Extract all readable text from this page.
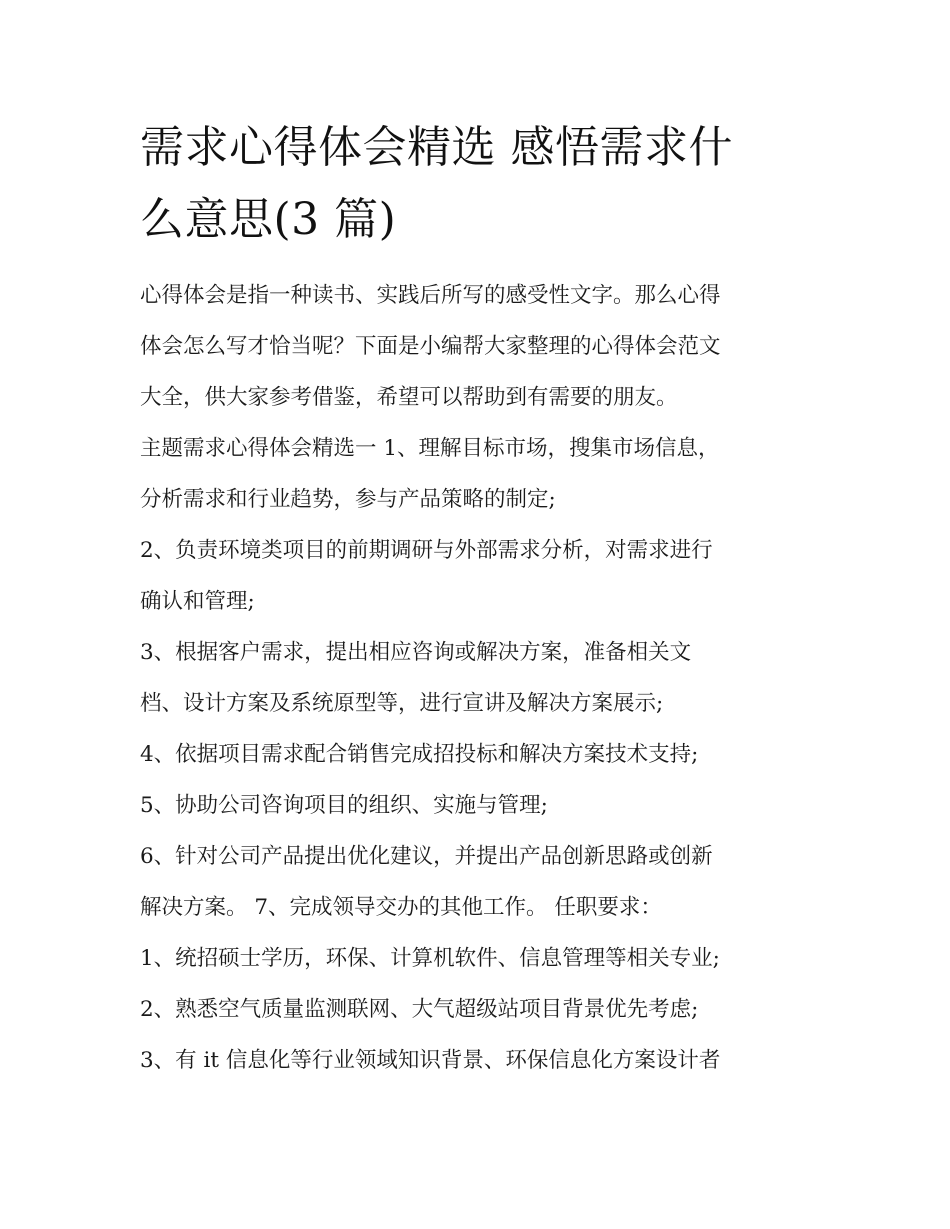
需求心得体会精选 感悟需求什
么意思(3 篇)

心得体会是指一种读书、实践后所写的感受性文字。那么心得
体会怎么写才恰当呢？下面是小编帮大家整理的心得体会范文
大全，供大家参考借鉴，希望可以帮助到有需要的朋友。

主题需求心得体会精选一 1、理解目标市场，搜集市场信息，
分析需求和行业趋势，参与产品策略的制定;

2、负责环境类项目的前期调研与外部需求分析，对需求进行
确认和管理;

3、根据客户需求，提出相应咨询或解决方案，准备相关文
档、设计方案及系统原型等，进行宣讲及解决方案展示;

4、依据项目需求配合销售完成招投标和解决方案技术支持;

5、协助公司咨询项目的组织、实施与管理;

6、针对公司产品提出优化建议，并提出产品创新思路或创新
解决方案。 7、完成领导交办的其他工作。 任职要求：

1、统招硕士学历，环保、计算机软件、信息管理等相关专业;

2、熟悉空气质量监测联网、大气超级站项目背景优先考虑;

3、有 it 信息化等行业领域知识背景、环保信息化方案设计者
